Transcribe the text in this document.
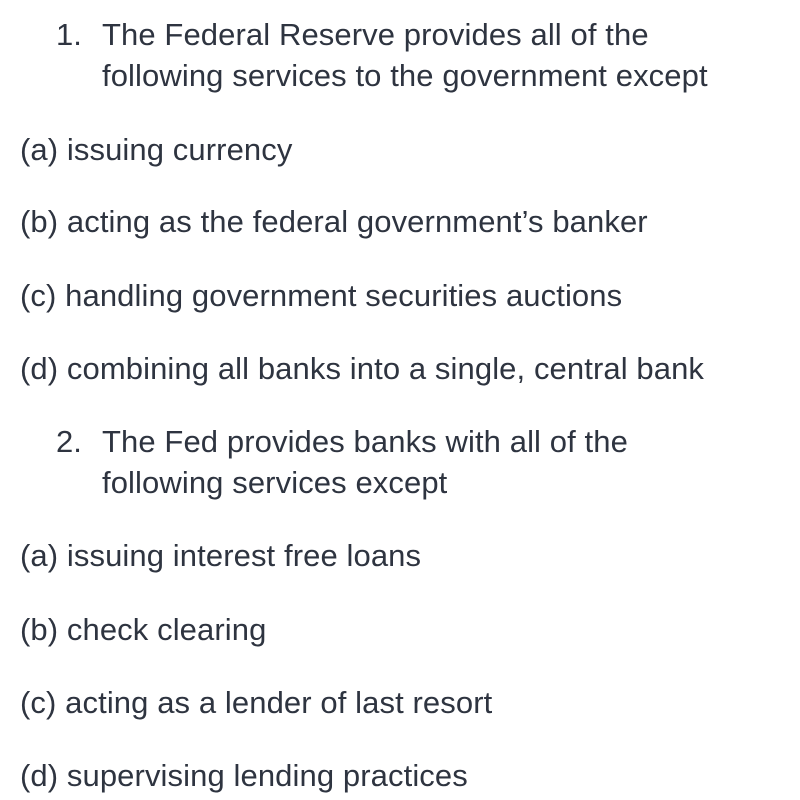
1. The Federal Reserve provides all of the
following services to the government except
(a) issuing currency
(b) acting as the federal government’s banker
(c) handling government securities auctions
(d) combining all banks into a single, central bank
2. The Fed provides banks with all of the
following services except
(a) issuing interest free loans
(b) check clearing
(c) acting as a lender of last resort
(d) supervising lending practices
